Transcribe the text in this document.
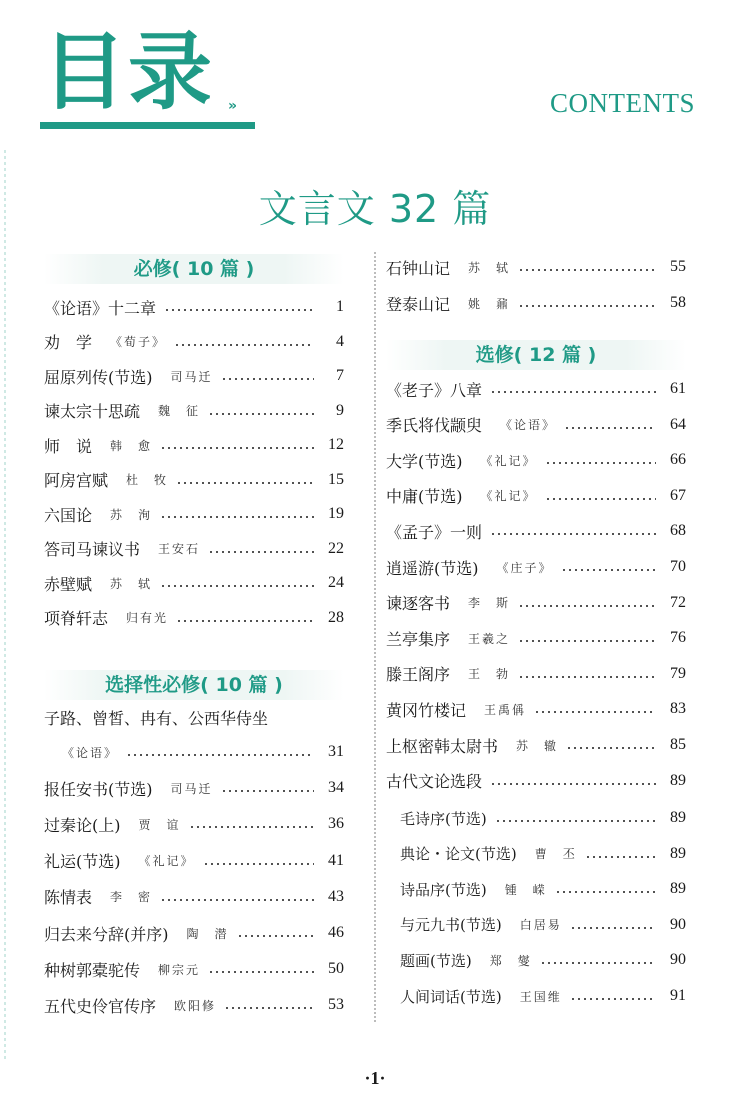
目录 »	CONTENTS
文言文 32 篇
必修( 10 篇 )
《论语》十二章	1
劝　学 《荀子》	4
屈原列传(节选) 司马迁	7
谏太宗十思疏 魏　征	9
师　说 韩　愈	12
阿房宫赋 杜　牧	15
六国论 苏　洵	19
答司马谏议书 王安石	22
赤壁赋 苏　轼	24
项脊轩志 归有光	28
选择性必修( 10 篇 )
子路、曾皙、冉有、公西华侍坐
《论语》	31
报任安书(节选) 司马迁	34
过秦论(上) 贾　谊	36
礼运(节选) 《礼记》	41
陈情表 李　密	43
归去来兮辞(并序) 陶　潜	46
种树郭橐驼传 柳宗元	50
五代史伶官传序 欧阳修	53
石钟山记 苏　轼	55
登泰山记 姚　鼐	58
选修( 12 篇 )
《老子》八章	61
季氏将伐颛臾 《论语》	64
大学(节选) 《礼记》	66
中庸(节选) 《礼记》	67
《孟子》一则	68
逍遥游(节选) 《庄子》	70
谏逐客书 李　斯	72
兰亭集序 王羲之	76
滕王阁序 王　勃	79
黄冈竹楼记 王禹偁	83
上枢密韩太尉书 苏　辙	85
古代文论选段	89
毛诗序(节选)	89
典论・论文(节选) 曹　丕	89
诗品序(节选) 锺　嵘	89
与元九书(节选) 白居易	90
题画(节选) 郑　燮	90
人间词话(节选) 王国维	91
·1·
